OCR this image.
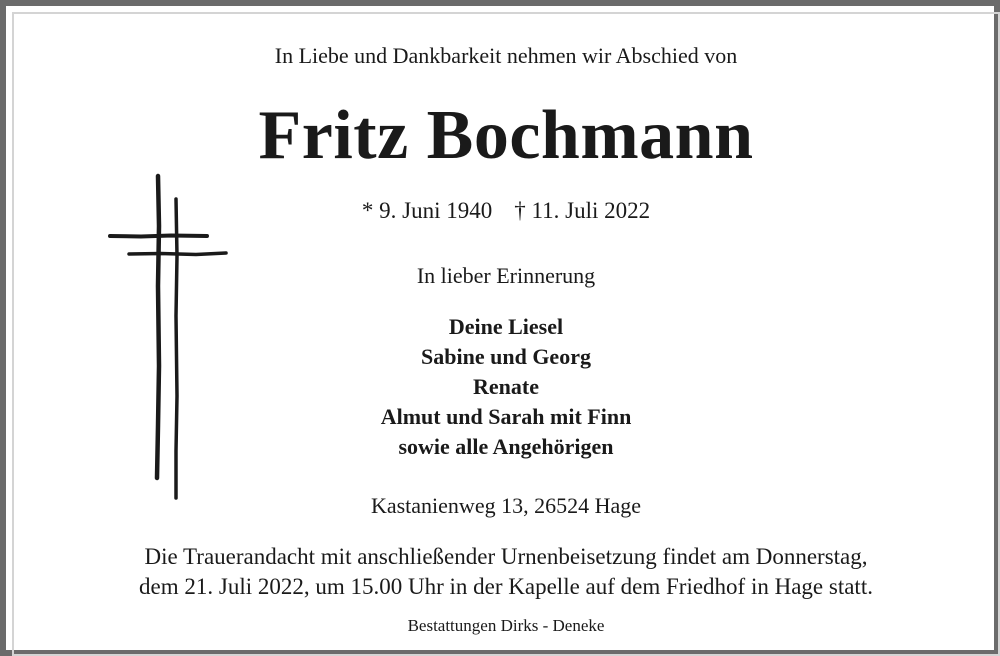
In Liebe und Dankbarkeit nehmen wir Abschied von

Fritz Bochmann

* 9. Juni 1940 † 11. Juli 2022

In lieber Erinnerung

Deine Liesel
Sabine und Georg
Renate
Almut und Sarah mit Finn
sowie alle Angehörigen

Kastanienweg 13, 26524 Hage

Die Trauerandacht mit anschließender Urnenbeisetzung findet am Donnerstag,
dem 21. Juli 2022, um 15.00 Uhr in der Kapelle auf dem Friedhof in Hage statt.

Bestattungen Dirks - Deneke
